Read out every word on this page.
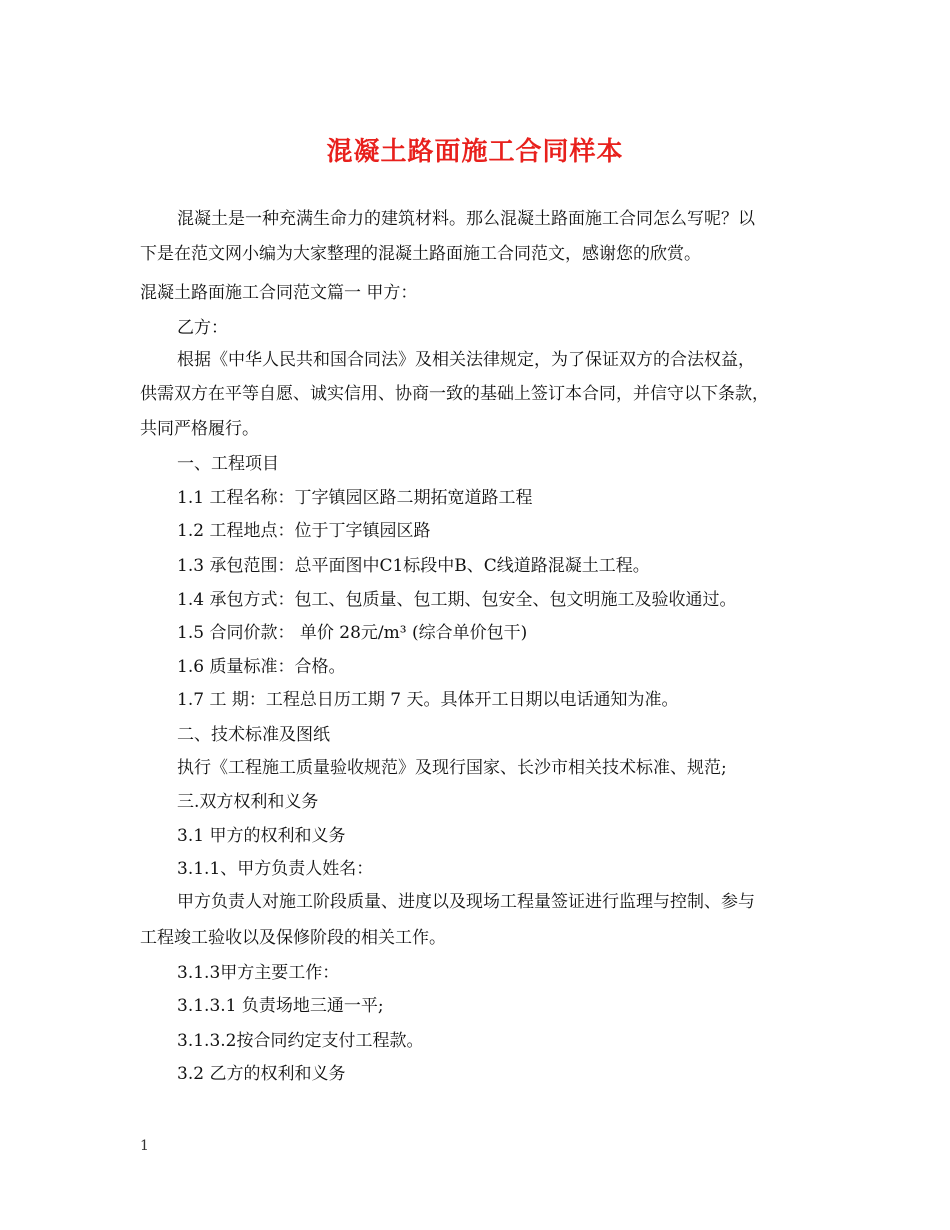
混凝土路面施工合同样本
混凝土是一种充满生命力的建筑材料。那么混凝土路面施工合同怎么写呢？以
下是在范文网小编为大家整理的混凝土路面施工合同范文，感谢您的欣赏。
混凝土路面施工合同范文篇一 甲方：
乙方：
根据《中华人民共和国合同法》及相关法律规定，为了保证双方的合法权益，
供需双方在平等自愿、诚实信用、协商一致的基础上签订本合同，并信守以下条款，
共同严格履行。
一、工程项目
1.1 工程名称：丁字镇园区路二期拓宽道路工程
1.2 工程地点：位于丁字镇园区路
1.3 承包范围：总平面图中C1标段中B、C线道路混凝土工程。
1.4 承包方式：包工、包质量、包工期、包安全、包文明施工及验收通过。
1.5 合同价款： 单价 28元/m³ (综合单价包干)
1.6 质量标准：合格。
1.7 工 期：工程总日历工期 7 天。具体开工日期以电话通知为准。
二、技术标准及图纸
执行《工程施工质量验收规范》及现行国家、长沙市相关技术标准、规范;
三.双方权利和义务
3.1 甲方的权利和义务
3.1.1、甲方负责人姓名：
甲方负责人对施工阶段质量、进度以及现场工程量签证进行监理与控制、参与
工程竣工验收以及保修阶段的相关工作。
3.1.3甲方主要工作：
3.1.3.1 负责场地三通一平;
3.1.3.2按合同约定支付工程款。
3.2 乙方的权利和义务
1
